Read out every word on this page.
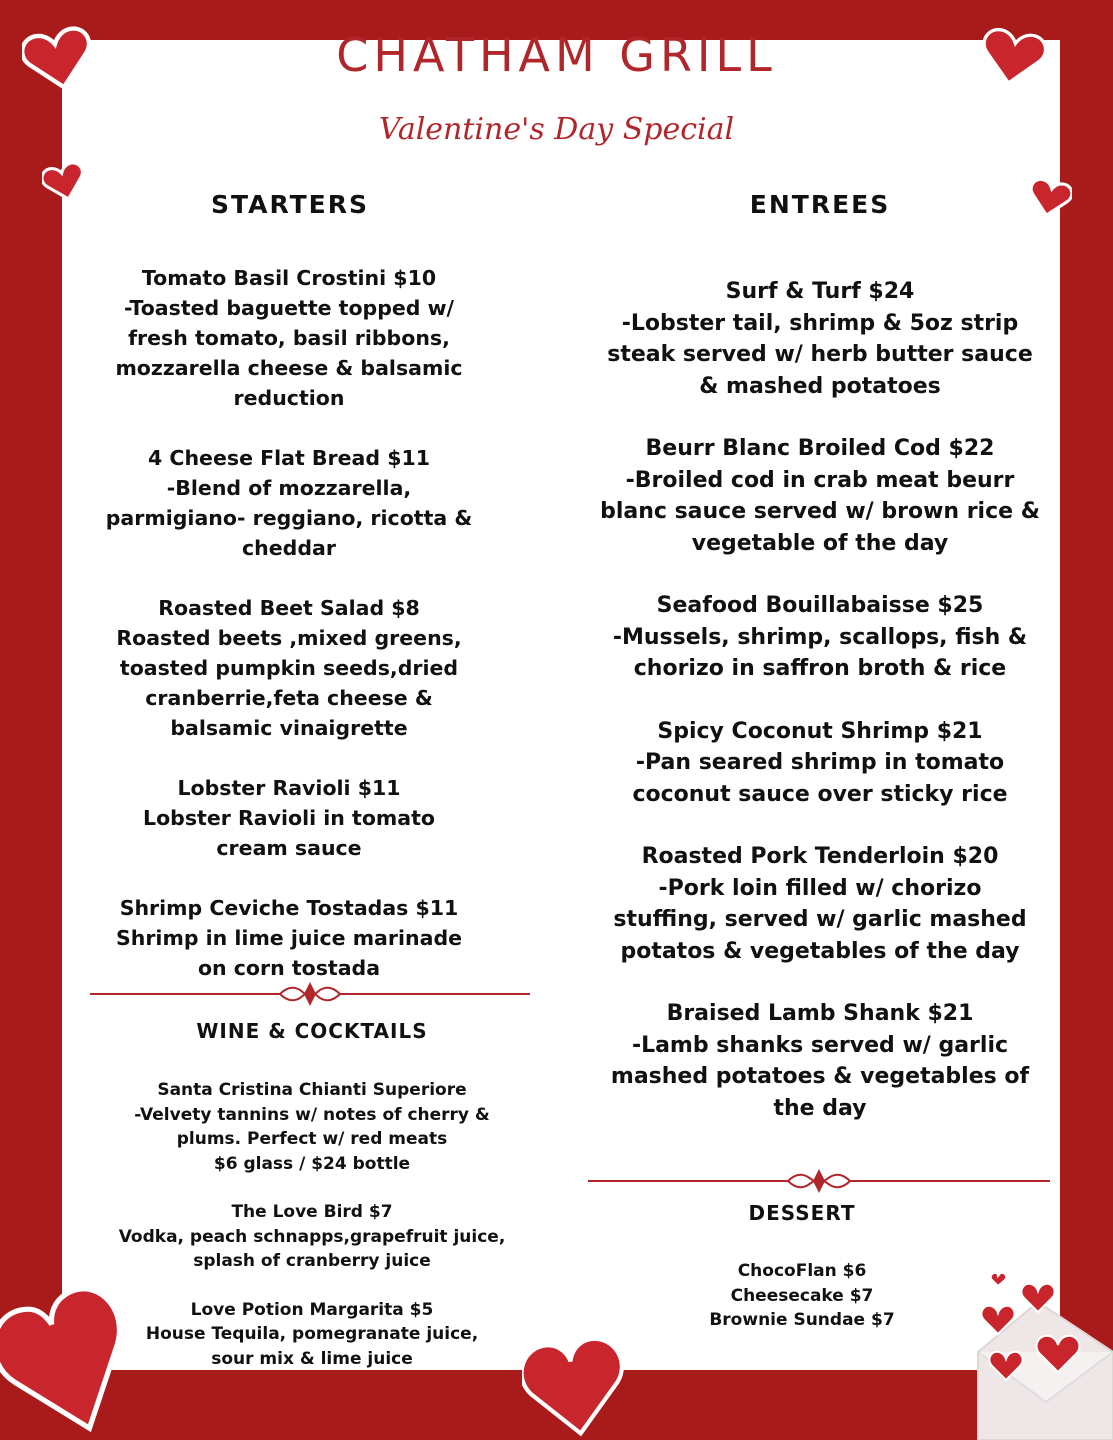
CHATHAM GRILL
Valentine's Day Special
STARTERS	ENTREES
WINE & COCKTAILS
DESSERT

Tomato Basil Crostini $10

-Toasted baguette topped w/
fresh tomato, basil ribbons,
mozzarella cheese & balsamic
reduction

4 Cheese Flat Bread $11

-Blend of mozzarella,
parmigiano- reggiano, ricotta &
cheddar

Roasted Beet Salad $8

Roasted beets ,mixed greens,
toasted pumpkin seeds,dried
cranberrie,feta cheese &
balsamic vinaigrette

Lobster Ravioli $11

Lobster Ravioli in tomato
cream sauce

Shrimp Ceviche Tostadas $11

Shrimp in lime juice marinade
on corn tostada

Santa Cristina Chianti Superiore

-Velvety tannins w/ notes of cherry &
plums. Perfect w/ red meats
$6 glass / $24 bottle

The Love Bird $7

Vodka, peach schnapps,grapefruit juice,
splash of cranberry juice

Love Potion Margarita $5

House Tequila, pomegranate juice,
sour mix & lime juice

Surf & Turf $24

-Lobster tail, shrimp & 5oz strip
steak served w/ herb butter sauce
& mashed potatoes

Beurr Blanc Broiled Cod $22

-Broiled cod in crab meat beurr
blanc sauce served w/ brown rice &
vegetable of the day

Seafood Bouillabaisse $25

-Mussels, shrimp, scallops, fish &
chorizo in saffron broth & rice

Spicy Coconut Shrimp $21

-Pan seared shrimp in tomato
coconut sauce over sticky rice

Roasted Pork Tenderloin $20

-Pork loin filled w/ chorizo
stuffing, served w/ garlic mashed
potatos & vegetables of the day

Braised Lamb Shank $21

-Lamb shanks served w/ garlic
mashed potatoes & vegetables of
the day

ChocoFlan $6

Cheesecake $7

Brownie Sundae $7
